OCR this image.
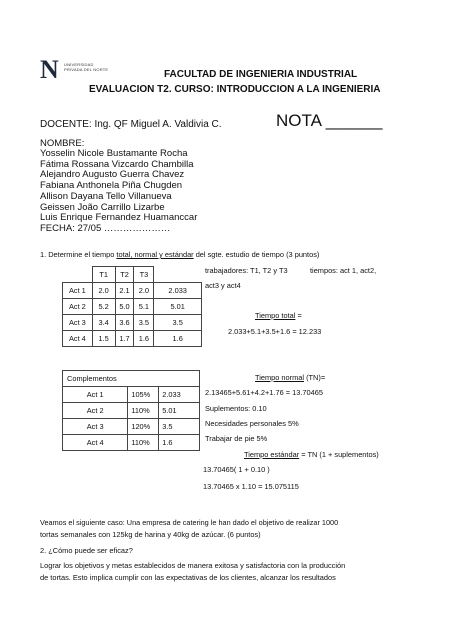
N UNIVERSIDAD
PRIVADA DEL NORTE	FACULTAD DE INGENIERIA INDUSTRIAL
EVALUACION T2. CURSO: INTRODUCCION A LA INGENIERIA
DOCENTE: Ing. QF Miguel A. Valdivia C.	NOTA ______
NOMBRE:
Yosselin Nicole Bustamante Rocha
Fátima Rossana Vizcardo Chambilla
Alejandro Augusto Guerra Chavez
Fabiana Anthonela Piña Chugden
Allison Dayana Tello Villanueva
Geissen João Carrillo Lizarbe
Luis Enrique Fernandez Huamanccar
FECHA: 27/05 …………………
1. Determine el tiempo total, normal y estándar del sgte. estudio de tiempo (3 puntos)
	T1	T2	T3	
Act 1	2.0	2.1	2.0	2.033
Act 2	5.2	5.0	5.1	5.01
Act 3	3.4	3.6	3.5	3.5
Act 4	1.5	1.7	1.6	1.6
trabajadores: T1, T2 y T3	tiempos: act 1, act2,
act3 y act4
Tiempo total =
2.033+5.1+3.5+1.6 = 12.233
Complementos		
Act 1	105%	2.033
Act 2	110%	5.01
Act 3	120%	3.5
Act 4	110%	1.6
Tiempo normal (TN)=
2.13465+5.61+4.2+1.76 = 13.70465
Suplementos: 0.10
Necesidades personales 5%
Trabajar de pie 5%
Tiempo estándar = TN (1 + suplementos)
13.70465( 1 + 0.10 )
13.70465 x 1.10 = 15.075115
Veamos el siguiente caso: Una empresa de catering le han dado el objetivo de realizar 1000
tortas semanales con 125kg de harina y 40kg de azúcar. (6 puntos)
2. ¿Cómo puede ser eficaz?
Lograr los objetivos y metas establecidos de manera exitosa y satisfactoria con la producción
de tortas. Esto implica cumplir con las expectativas de los clientes, alcanzar los resultados
